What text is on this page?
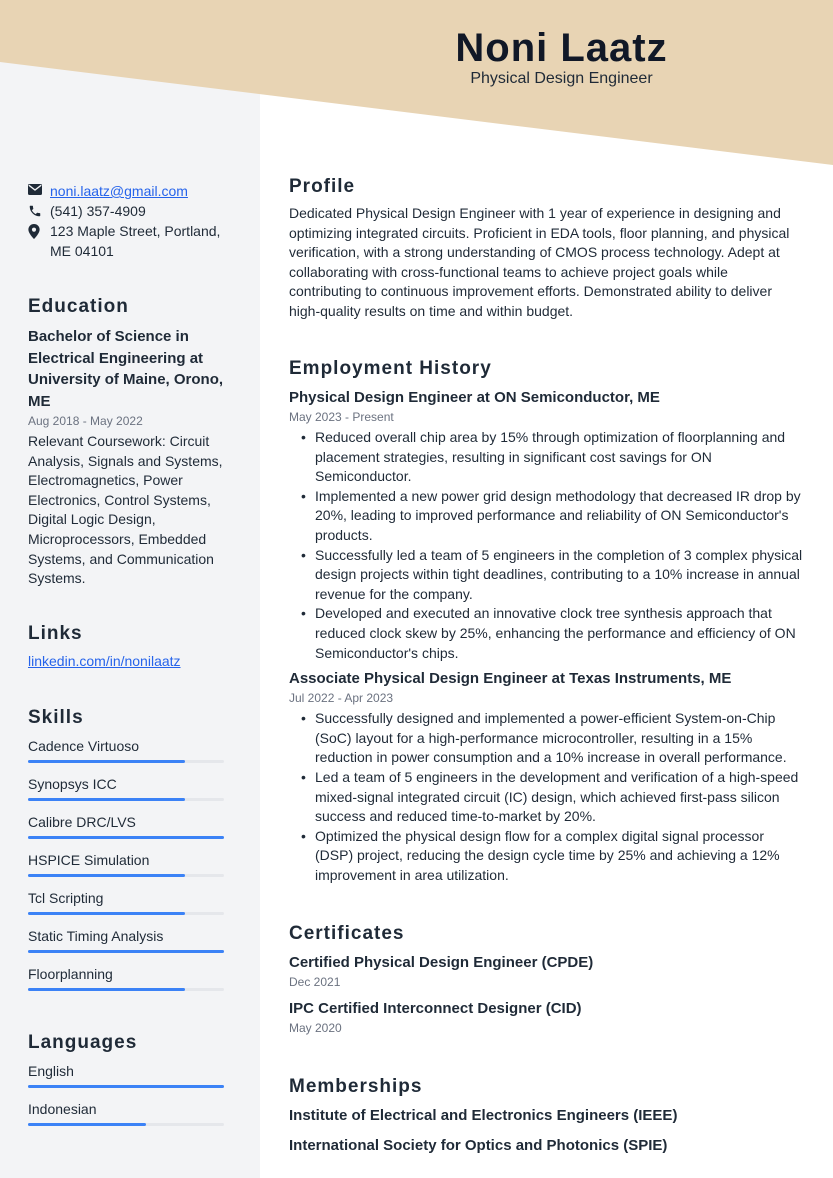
Noni Laatz
Physical Design Engineer
noni.laatz@gmail.com
(541) 357-4909
123 Maple Street, Portland, ME 04101
Education
Bachelor of Science in Electrical Engineering at University of Maine, Orono, ME
Aug 2018 - May 2022
Relevant Coursework: Circuit Analysis, Signals and Systems, Electromagnetics, Power Electronics, Control Systems, Digital Logic Design, Microprocessors, Embedded Systems, and Communication Systems.
Links
linkedin.com/in/nonilaatz
Skills
Cadence Virtuoso
Synopsys ICC
Calibre DRC/LVS
HSPICE Simulation
Tcl Scripting
Static Timing Analysis
Floorplanning
Languages
English
Indonesian
Profile
Dedicated Physical Design Engineer with 1 year of experience in designing and optimizing integrated circuits. Proficient in EDA tools, floor planning, and physical verification, with a strong understanding of CMOS process technology. Adept at collaborating with cross-functional teams to achieve project goals while contributing to continuous improvement efforts. Demonstrated ability to deliver high-quality results on time and within budget.
Employment History
Physical Design Engineer at ON Semiconductor, ME
May 2023 - Present
• Reduced overall chip area by 15% through optimization of floorplanning and placement strategies, resulting in significant cost savings for ON Semiconductor.
• Implemented a new power grid design methodology that decreased IR drop by 20%, leading to improved performance and reliability of ON Semiconductor's products.
• Successfully led a team of 5 engineers in the completion of 3 complex physical design projects within tight deadlines, contributing to a 10% increase in annual revenue for the company.
• Developed and executed an innovative clock tree synthesis approach that reduced clock skew by 25%, enhancing the performance and efficiency of ON Semiconductor's chips.
Associate Physical Design Engineer at Texas Instruments, ME
Jul 2022 - Apr 2023
• Successfully designed and implemented a power-efficient System-on-Chip (SoC) layout for a high-performance microcontroller, resulting in a 15% reduction in power consumption and a 10% increase in overall performance.
• Led a team of 5 engineers in the development and verification of a high-speed mixed-signal integrated circuit (IC) design, which achieved first-pass silicon success and reduced time-to-market by 20%.
• Optimized the physical design flow for a complex digital signal processor (DSP) project, reducing the design cycle time by 25% and achieving a 12% improvement in area utilization.
Certificates
Certified Physical Design Engineer (CPDE)
Dec 2021
IPC Certified Interconnect Designer (CID)
May 2020
Memberships
Institute of Electrical and Electronics Engineers (IEEE)
International Society for Optics and Photonics (SPIE)
